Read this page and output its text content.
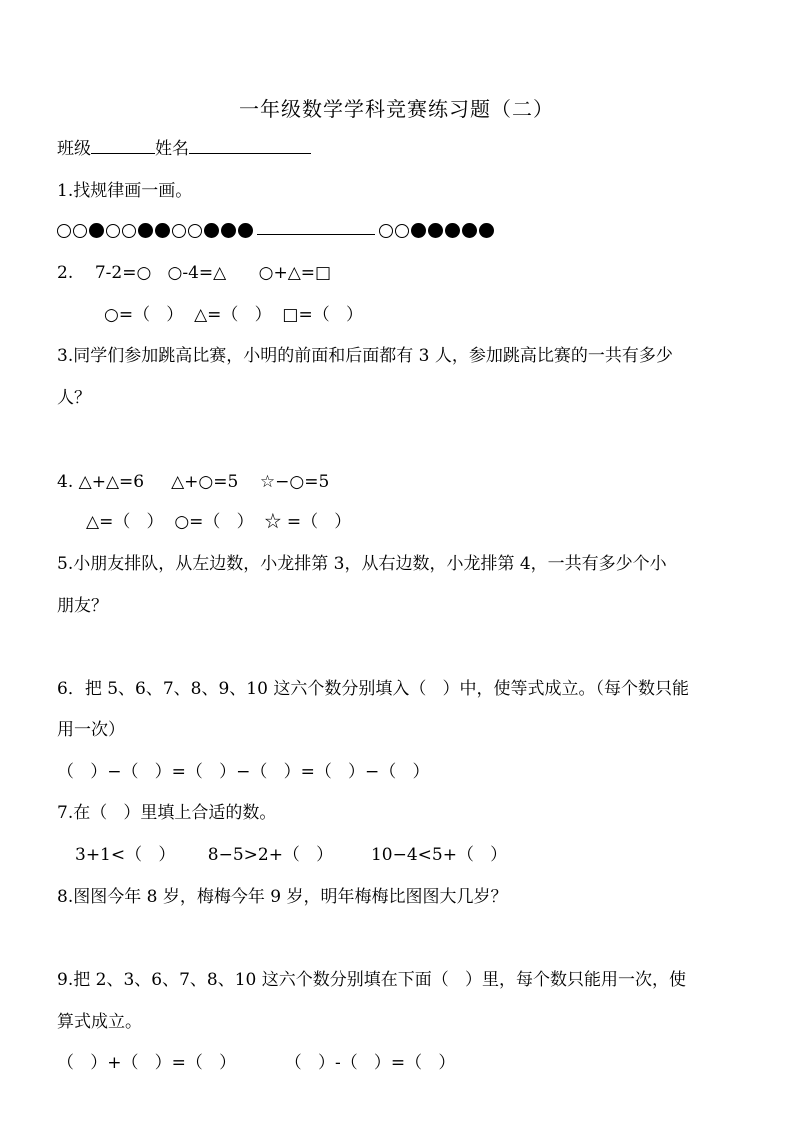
一年级数学学科竞赛练习题（二）
班级	姓名
1.找规律画一画。
2.    7-2=○   ○-4=△      ○+△=□
○=（   ）  △=（   ）  □=（   ）
3.同学们参加跳高比赛，小明的前面和后面都有 3 人，参加跳高比赛的一共有多少
人？
4. △+△=6     △+○=5    ☆−○=5
△=（   ）  ○=（   ）  ☆ =（   ）
5.小朋友排队，从左边数，小龙排第 3，从右边数，小龙排第 4，一共有多少个小
朋友？
6．把 5、6、7、8、9、10 这六个数分别填入（   ）中，使等式成立。（每个数只能
用一次）
（   ）−（   ）=（   ）−（   ）=（   ）−（   ）
7.在（   ）里填上合适的数。
3+1<（   ）      8−5>2+（   ）       10−4<5+（   ）
8.图图今年 8 岁，梅梅今年 9 岁，明年梅梅比图图大几岁？
9.把 2、3、6、7、8、10 这六个数分别填在下面（   ）里，每个数只能用一次，使
算式成立。
（   ）+（   ）=（   ）         （   ）-（   ）=（   ）
